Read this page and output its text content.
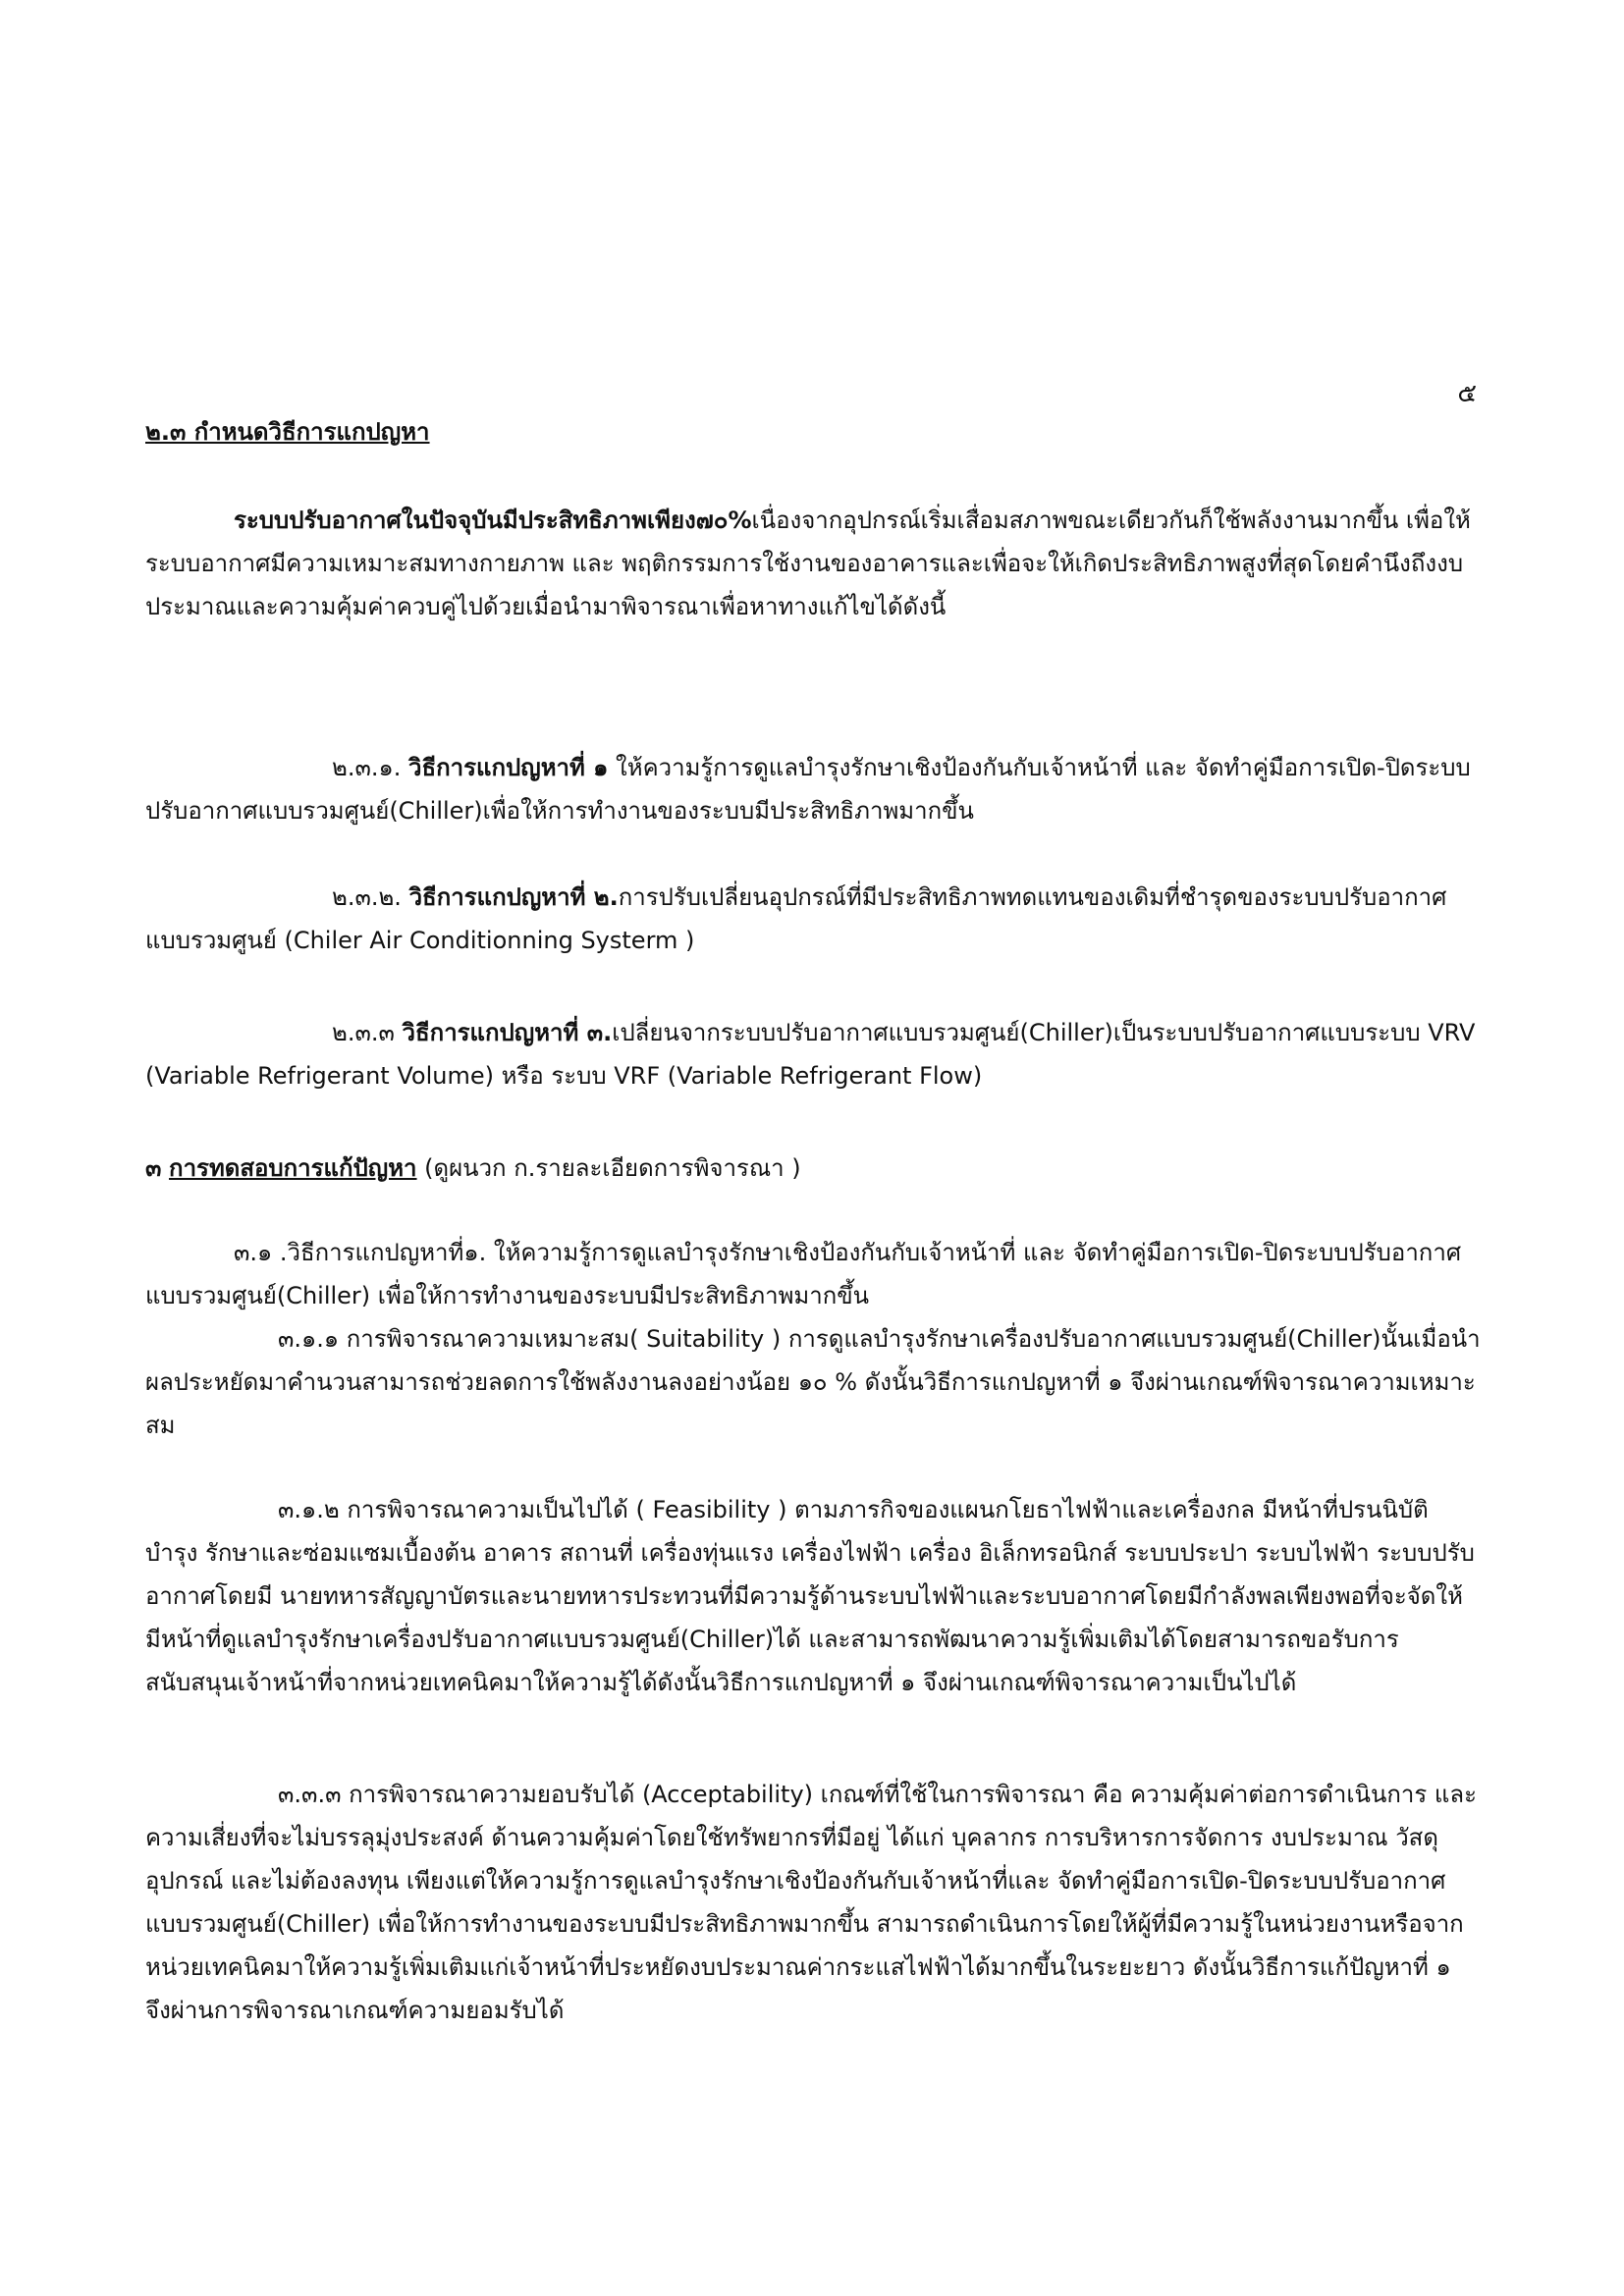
๕
๒.๓ กำหนดวิธีการแกปญหา
ระบบปรับอากาศในปัจจุบันมีประสิทธิภาพเพียง๗๐%เนื่องจากอุปกรณ์เริ่มเสื่อมสภาพขณะเดียวกันก็ใช้พลังงานมากขึ้น เพื่อให้ระบบอากาศมีความเหมาะสมทางกายภาพ และ พฤติกรรมการใช้งานของอาคารและเพื่อจะให้เกิดประสิทธิภาพสูงที่สุดโดยคำนึงถึงงบประมาณและความคุ้มค่าควบคู่ไปด้วยเมื่อนำมาพิจารณาเพื่อหาทางแก้ไขได้ดังนี้
๒.๓.๑. วิธีการแกปญหาที่ ๑ ให้ความรู้การดูแลบำรุงรักษาเชิงป้องกันกับเจ้าหน้าที่ และ จัดทำคู่มือการเปิด-ปิดระบบปรับอากาศแบบรวมศูนย์(Chiller)เพื่อให้การทำงานของระบบมีประสิทธิภาพมากขึ้น
๒.๓.๒. วิธีการแกปญหาที่ ๒.การปรับเปลี่ยนอุปกรณ์ที่มีประสิทธิภาพทดแทนของเดิมที่ชำรุดของระบบปรับอากาศแบบรวมศูนย์ (Chiler Air Conditionning Systerm )
๒.๓.๓ วิธีการแกปญหาที่ ๓.เปลี่ยนจากระบบปรับอากาศแบบรวมศูนย์(Chiller)เป็นระบบปรับอากาศแบบระบบ VRV (Variable Refrigerant Volume) หรือ ระบบ VRF (Variable Refrigerant Flow)
๓ การทดสอบการแก้ปัญหา (ดูผนวก ก.รายละเอียดการพิจารณา )
๓.๑ .วิธีการแกปญหาที่๑. ให้ความรู้การดูแลบำรุงรักษาเชิงป้องกันกับเจ้าหน้าที่ และ จัดทำคู่มือการเปิด-ปิดระบบปรับอากาศแบบรวมศูนย์(Chiller) เพื่อให้การทำงานของระบบมีประสิทธิภาพมากขึ้น
๓.๑.๑ การพิจารณาความเหมาะสม( Suitability ) การดูแลบำรุงรักษาเครื่องปรับอากาศแบบรวมศูนย์(Chiller)นั้นเมื่อนำผลประหยัดมาคำนวนสามารถช่วยลดการใช้พลังงานลงอย่างน้อย ๑๐ % ดังนั้นวิธีการแกปญหาที่ ๑ จึงผ่านเกณฑ์พิจารณาความเหมาะสม
๓.๑.๒ การพิจารณาความเป็นไปได้ ( Feasibility ) ตามภารกิจของแผนกโยธาไฟฟ้าและเครื่องกล มีหน้าที่ปรนนิบัติบำรุง รักษาและซ่อมแซมเบื้องต้น อาคาร สถานที่ เครื่องทุ่นแรง เครื่องไฟฟ้า เครื่อง อิเล็กทรอนิกส์ ระบบประปา ระบบไฟฟ้า ระบบปรับอากาศโดยมี นายทหารสัญญาบัตรและนายทหารประทวนที่มีความรู้ด้านระบบไฟฟ้าและระบบอากาศโดยมีกำลังพลเพียงพอที่จะจัดให้มีหน้าที่ดูแลบำรุงรักษาเครื่องปรับอากาศแบบรวมศูนย์(Chiller)ได้ และสามารถพัฒนาความรู้เพิ่มเติมได้โดยสามารถขอรับการสนับสนุนเจ้าหน้าที่จากหน่วยเทคนิคมาให้ความรู้ได้ดังนั้นวิธีการแกปญหาที่ ๑ จึงผ่านเกณฑ์พิจารณาความเป็นไปได้
๓.๓.๓ การพิจารณาความยอบรับได้ (Acceptability) เกณฑ์ที่ใช้ในการพิจารณา คือ ความคุ้มค่าต่อการดำเนินการ และความเสี่ยงที่จะไม่บรรลุมุ่งประสงค์ ด้านความคุ้มค่าโดยใช้ทรัพยากรที่มีอยู่ ได้แก่ บุคลากร การบริหารการจัดการ งบประมาณ วัสดุอุปกรณ์ และไม่ต้องลงทุน เพียงแต่ให้ความรู้การดูแลบำรุงรักษาเชิงป้องกันกับเจ้าหน้าที่และ จัดทำคู่มือการเปิด-ปิดระบบปรับอากาศแบบรวมศูนย์(Chiller) เพื่อให้การทำงานของระบบมีประสิทธิภาพมากขึ้น สามารถดำเนินการโดยให้ผู้ที่มีความรู้ในหน่วยงานหรือจากหน่วยเทคนิคมาให้ความรู้เพิ่มเติมแก่เจ้าหน้าที่ประหยัดงบประมาณค่ากระแสไฟฟ้าได้มากขึ้นในระยะยาว ดังนั้นวิธีการแก้ปัญหาที่ ๑ จึงผ่านการพิจารณาเกณฑ์ความยอมรับได้
